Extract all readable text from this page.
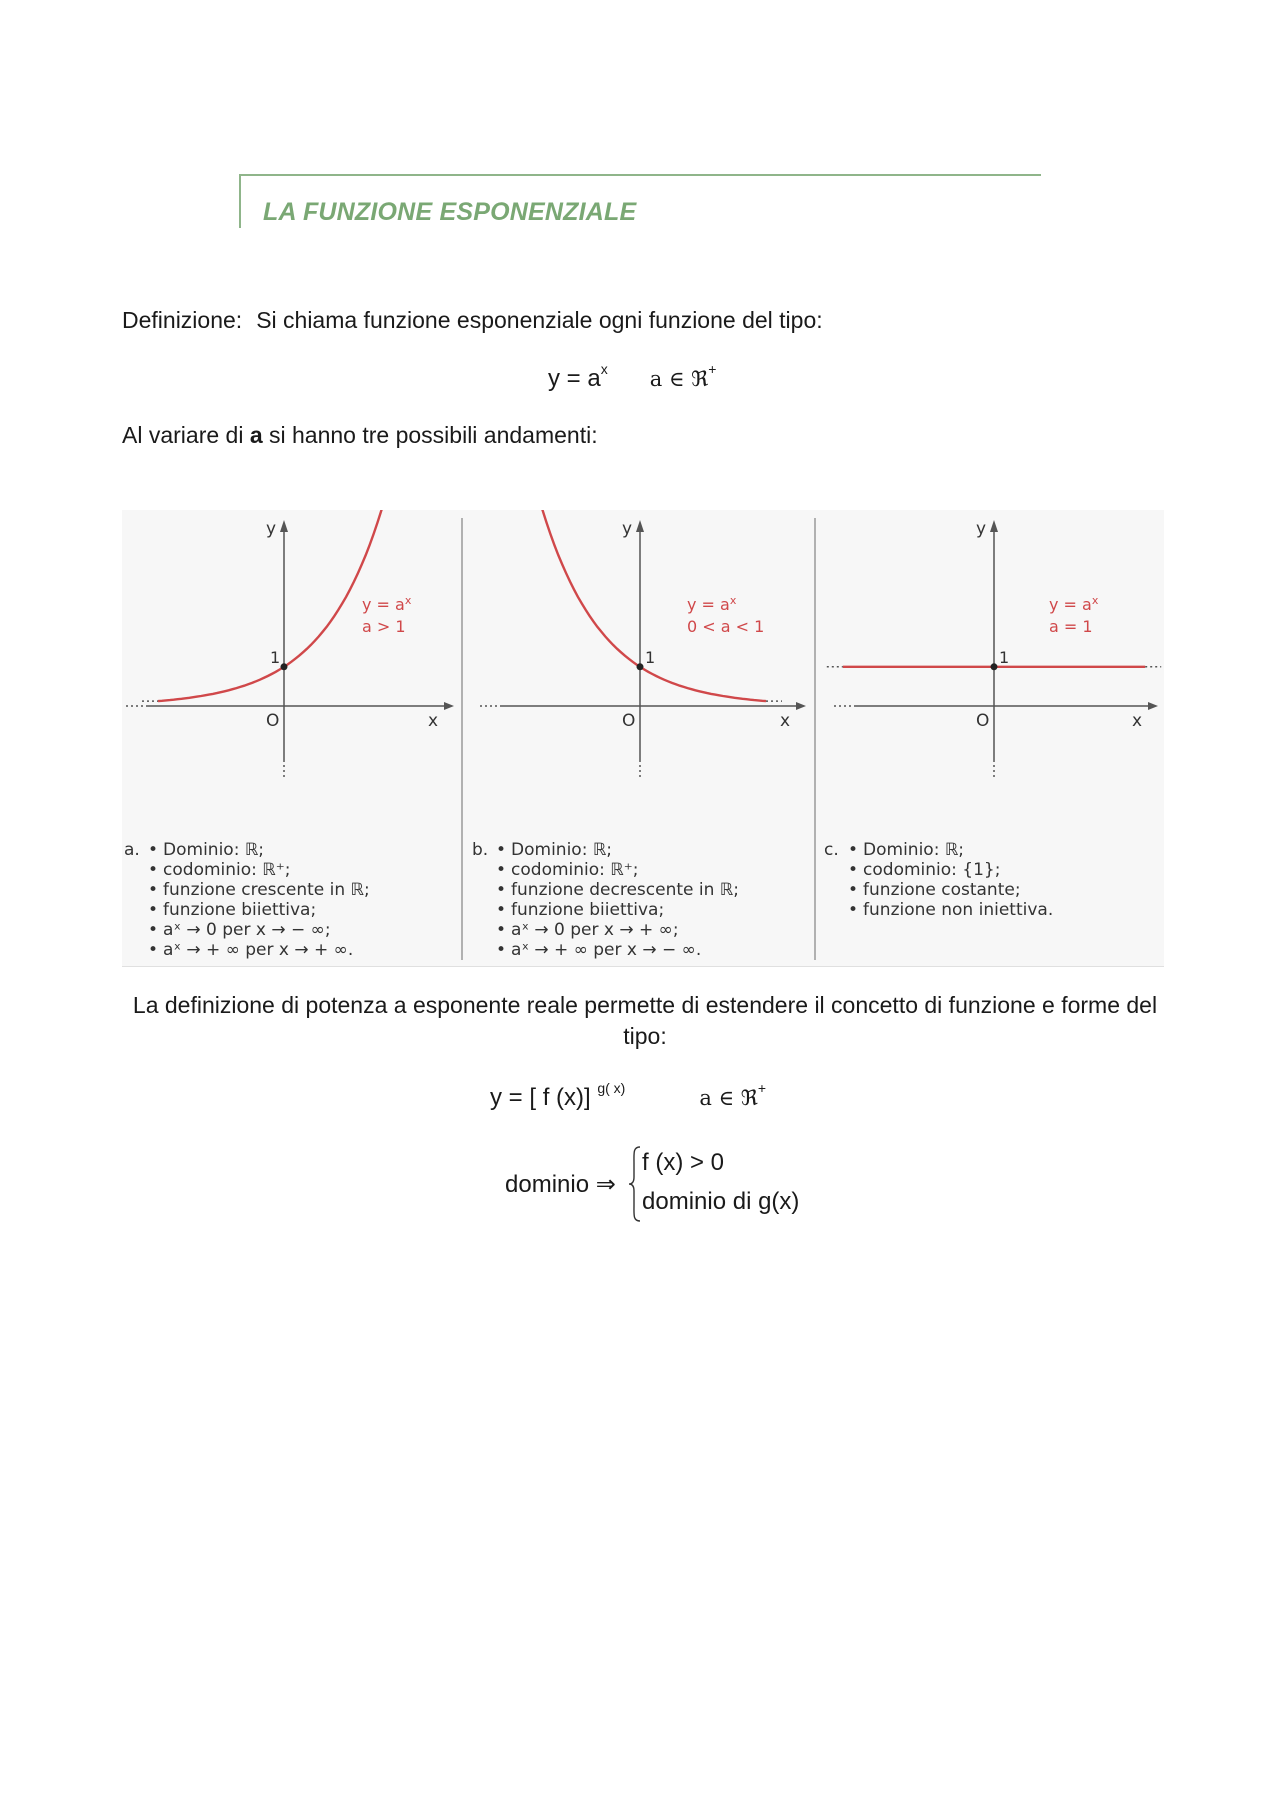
LA FUNZIONE ESPONENZIALE
Definizione: Si chiama funzione esponenziale ogni funzione del tipo:
$y = a^x$ a ∈ ℜ+
Al variare di a si hanno tre possibili andamenti:
y
x
O
1
$y = a^x$
a > 1
y
x
O
1
$y = a^x$
0 < a < 1
y
x
O
1
$y = a^x$
a = 1
a.	• Dominio: ℝ;
• codominio: ℝ⁺;
• funzione crescente in ℝ;
• funzione biiettiva;
• aˣ → 0 per x → − ∞;
• aˣ → + ∞ per x → + ∞.
b.	• Dominio: ℝ;
• codominio: ℝ⁺;
• funzione decrescente in ℝ;
• funzione biiettiva;
• aˣ → 0 per x → + ∞;
• aˣ → + ∞ per x → − ∞.
c.	• Dominio: ℝ;
• codominio: {1};
• funzione costante;
• funzione non iniettiva.
La definizione di potenza a esponente reale permette di estendere il concetto di funzione e forme del tipo:
y = [ f (x)] $^{g( x)}$	a ∈ ℜ+
dominio ⇒
f (x) > 0
dominio di g(x)
